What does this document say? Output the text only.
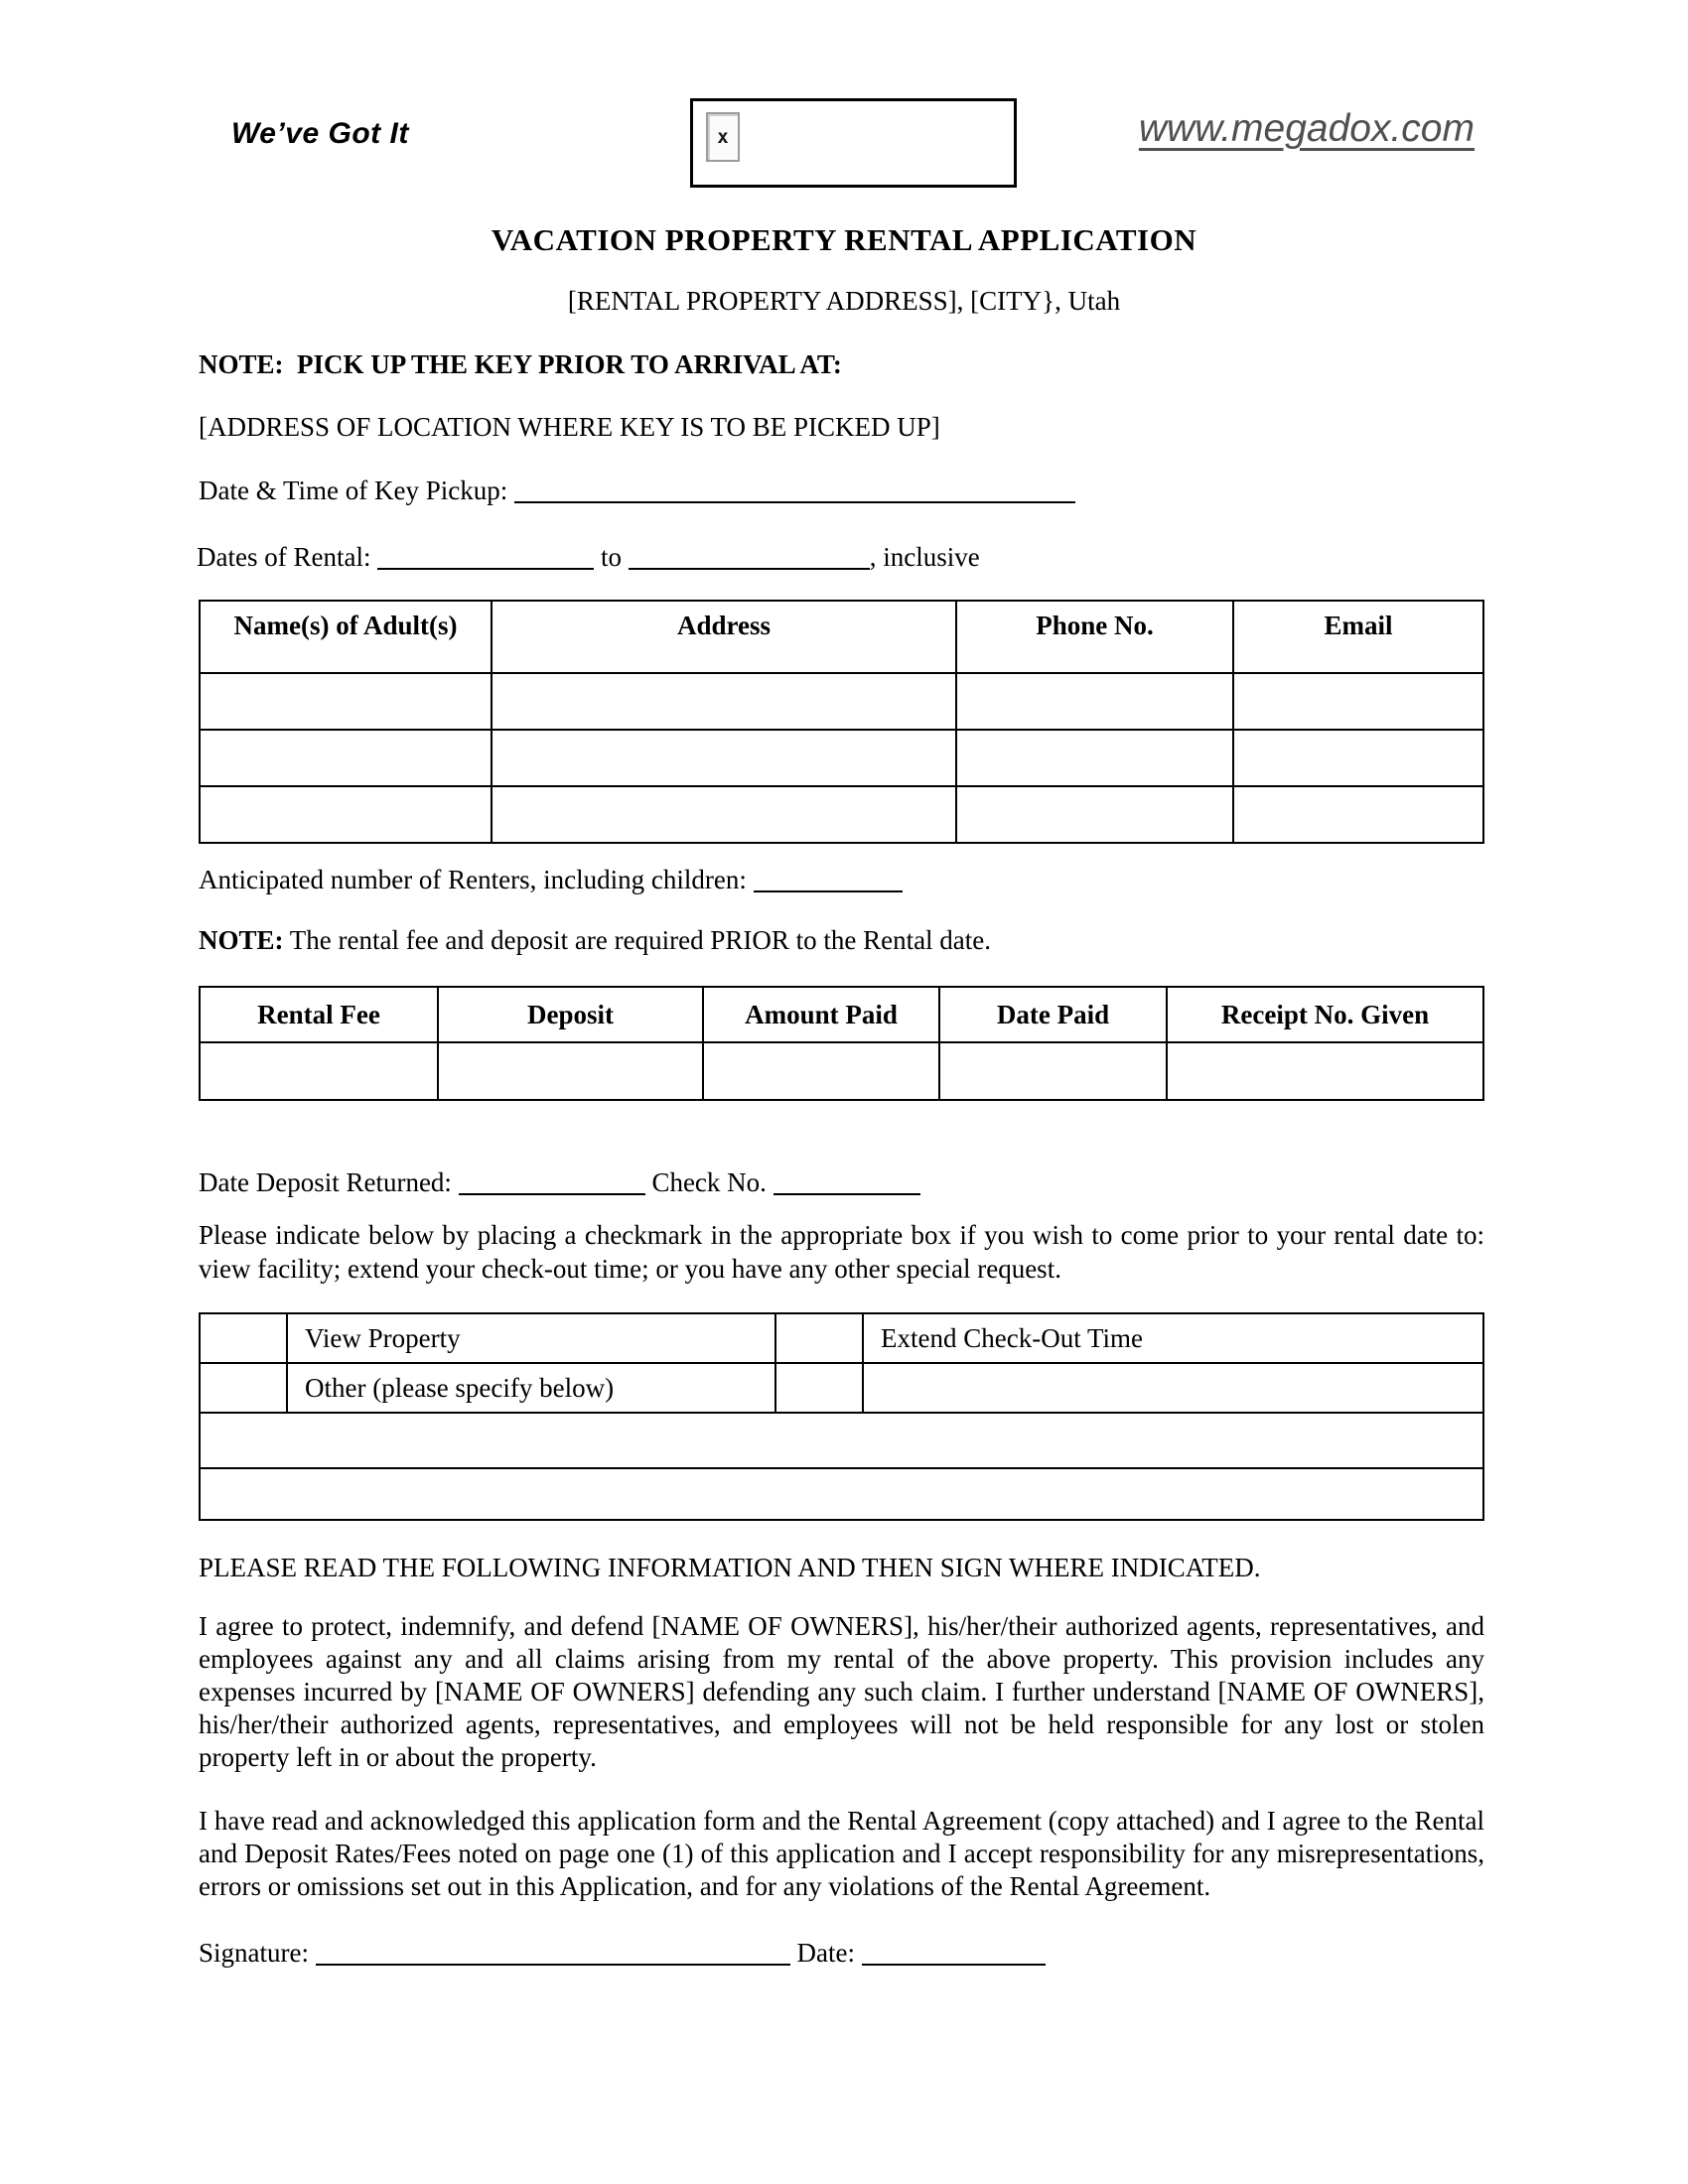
We’ve Got It	x	www.megadox.com
VACATION PROPERTY RENTAL APPLICATION
[RENTAL PROPERTY ADDRESS], [CITY}, Utah
NOTE:  PICK UP THE KEY PRIOR TO ARRIVAL AT:
[ADDRESS OF LOCATION WHERE KEY IS TO BE PICKED UP]
Date & Time of Key Pickup:
Dates of Rental:	to	, inclusive
Name(s) of Adult(s)	Address	Phone No.	Email

Anticipated number of Renters, including children:
NOTE: The rental fee and deposit are required PRIOR to the Rental date.
Rental Fee	Deposit	Amount Paid	Date Paid	Receipt No. Given

Date Deposit Returned:	Check No.
Please indicate below by placing a checkmark in the appropriate box if you wish to come prior to your rental date to: view facility; extend your check-out time; or you have any other special request.
	View Property		Extend Check-Out Time
	Other (please specify below)		

PLEASE READ THE FOLLOWING INFORMATION AND THEN SIGN WHERE INDICATED.
I agree to protect, indemnify, and defend [NAME OF OWNERS], his/her/their authorized agents, representatives, and employees against any and all claims arising from my rental of the above property. This provision includes any expenses incurred by [NAME OF OWNERS] defending any such claim. I further understand [NAME OF OWNERS], his/her/their authorized agents, representatives, and employees will not be held responsible for any lost or stolen property left in or about the property.
I have read and acknowledged this application form and the Rental Agreement (copy attached) and I agree to the Rental and Deposit Rates/Fees noted on page one (1) of this application and I accept responsibility for any misrepresentations, errors or omissions set out in this Application, and for any violations of the Rental Agreement.
Signature:	Date:
